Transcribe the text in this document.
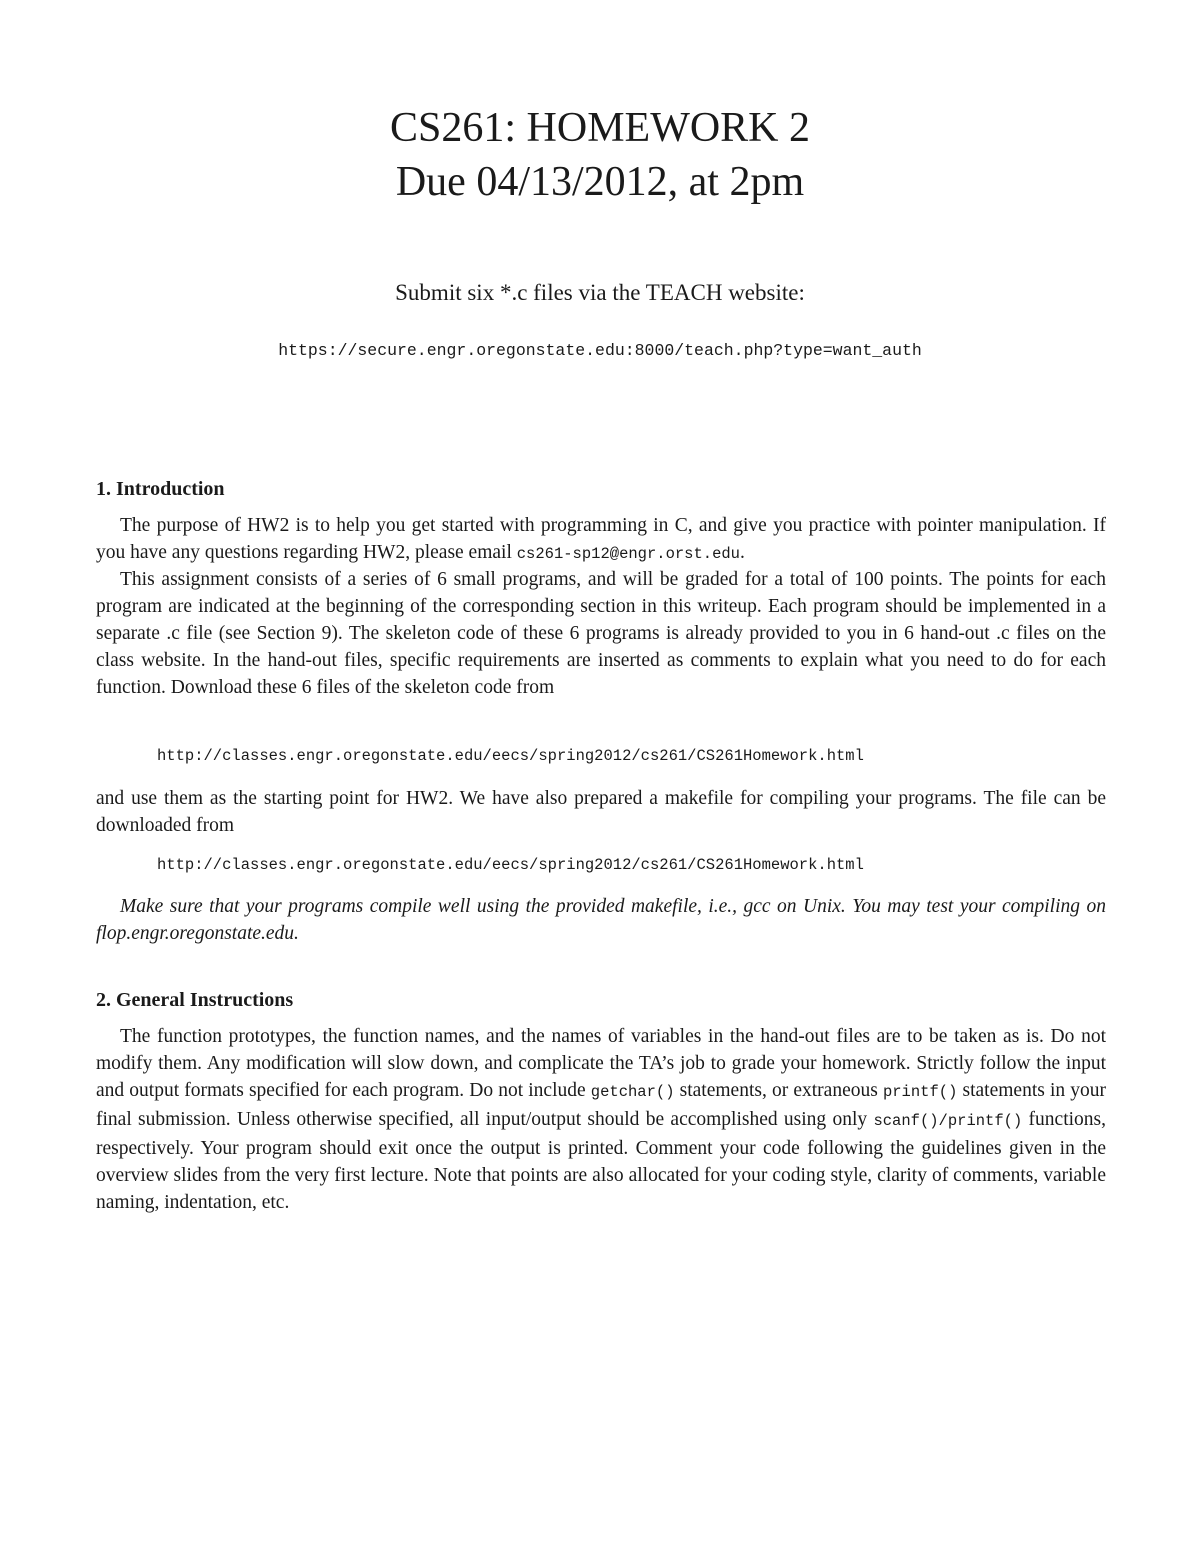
CS261: HOMEWORK 2
Due 04/13/2012, at 2pm
Submit six *.c files via the TEACH website:
https://secure.engr.oregonstate.edu:8000/teach.php?type=want_auth
1. Introduction

The purpose of HW2 is to help you get started with programming in C, and give you practice with pointer manipulation. If you have any questions regarding HW2, please email cs261-sp12@engr.orst.edu.

This assignment consists of a series of 6 small programs, and will be graded for a total of 100 points. The points for each program are indicated at the beginning of the corresponding section in this writeup. Each program should be implemented in a separate .c file (see Section 9). The skeleton code of these 6 programs is already provided to you in 6 hand-out .c files on the class website. In the hand-out files, specific requirements are inserted as comments to explain what you need to do for each function. Download these 6 files of the skeleton code from

http://classes.engr.oregonstate.edu/eecs/spring2012/cs261/CS261Homework.html

and use them as the starting point for HW2. We have also prepared a makefile for compiling your programs. The file can be downloaded from

http://classes.engr.oregonstate.edu/eecs/spring2012/cs261/CS261Homework.html

Make sure that your programs compile well using the provided makefile, i.e., gcc on Unix. You may test your compiling on flop.engr.oregonstate.edu.

2. General Instructions

The function prototypes, the function names, and the names of variables in the hand-out files are to be taken as is. Do not modify them. Any modification will slow down, and complicate the TA’s job to grade your homework. Strictly follow the input and output formats specified for each program. Do not include getchar() statements, or extraneous printf() statements in your final submission. Unless otherwise specified, all input/output should be accomplished using only scanf()/printf() functions, respectively. Your program should exit once the output is printed. Comment your code following the guidelines given in the overview slides from the very first lecture. Note that points are also allocated for your coding style, clarity of comments, variable naming, indentation, etc.
